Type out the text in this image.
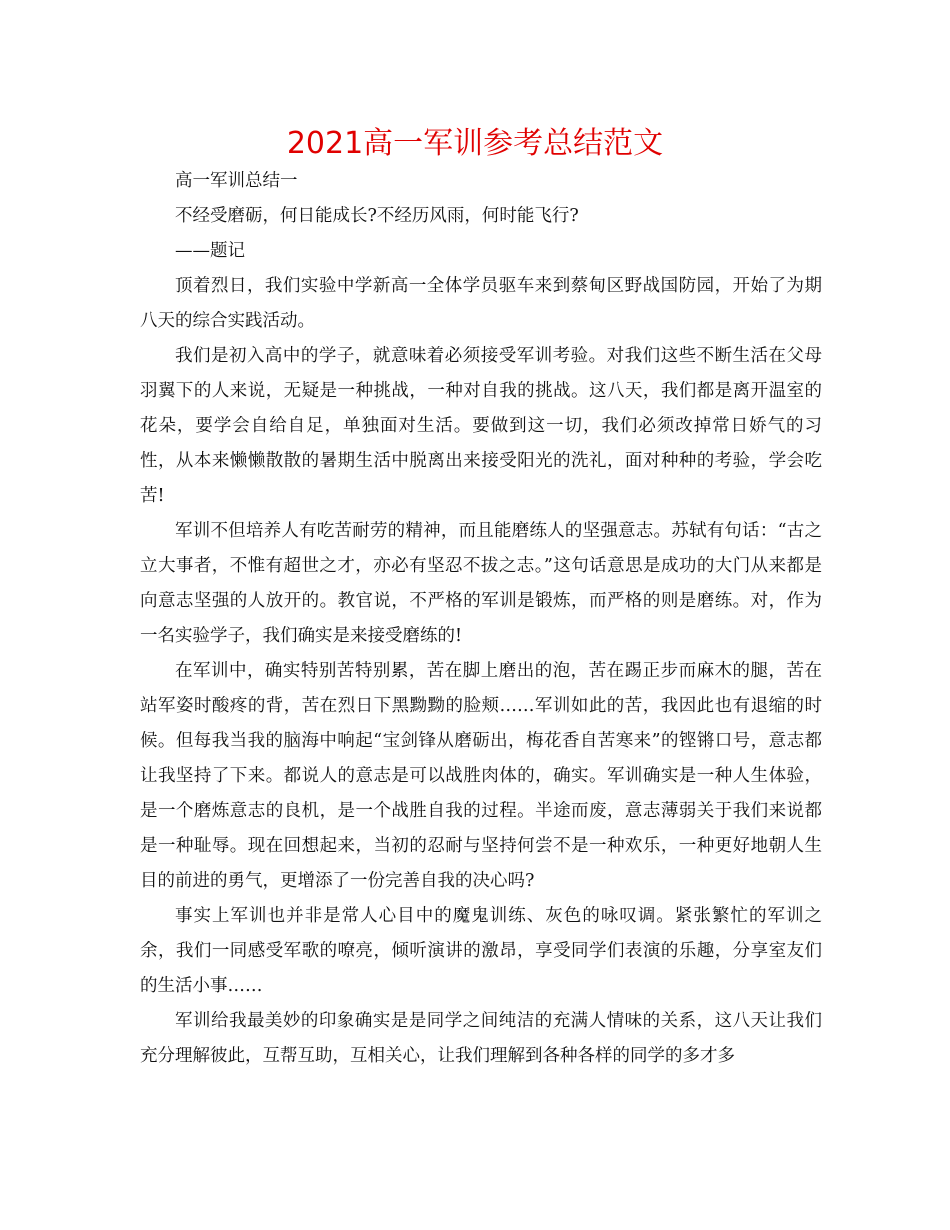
2021高一军训参考总结范文

高一军训总结一

不经受磨砺，何日能成长?不经历风雨，何时能飞行?

——题记

顶着烈日，我们实验中学新高一全体学员驱车来到蔡甸区野战国防园，开始了为期八天的综合实践活动。

我们是初入高中的学子，就意味着必须接受军训考验。对我们这些不断生活在父母羽翼下的人来说，无疑是一种挑战，一种对自我的挑战。这八天，我们都是离开温室的花朵，要学会自给自足，单独面对生活。要做到这一切，我们必须改掉常日娇气的习性，从本来懒懒散散的暑期生活中脱离出来接受阳光的洗礼，面对种种的考验，学会吃苦!

军训不但培养人有吃苦耐劳的精神，而且能磨练人的坚强意志。苏轼有句话：“古之立大事者，不惟有超世之才，亦必有坚忍不拔之志。”这句话意思是成功的大门从来都是向意志坚强的人放开的。教官说，不严格的军训是锻炼，而严格的则是磨练。对，作为一名实验学子，我们确实是来接受磨练的!

在军训中，确实特别苦特别累，苦在脚上磨出的泡，苦在踢正步而麻木的腿，苦在站军姿时酸疼的背，苦在烈日下黑黝黝的脸颊……军训如此的苦，我因此也有退缩的时候。但每我当我的脑海中响起“宝剑锋从磨砺出，梅花香自苦寒来”的铿锵口号，意志都让我坚持了下来。都说人的意志是可以战胜肉体的，确实。军训确实是一种人生体验，是一个磨炼意志的良机，是一个战胜自我的过程。半途而废，意志薄弱关于我们来说都是一种耻辱。现在回想起来，当初的忍耐与坚持何尝不是一种欢乐，一种更好地朝人生目的前进的勇气，更增添了一份完善自我的决心吗?

事实上军训也并非是常人心目中的魔鬼训练、灰色的咏叹调。紧张繁忙的军训之余，我们一同感受军歌的嘹亮，倾听演讲的激昂，享受同学们表演的乐趣，分享室友们的生活小事……

军训给我最美妙的印象确实是是同学之间纯洁的充满人情味的关系，这八天让我们充分理解彼此，互帮互助，互相关心，让我们理解到各种各样的同学的多才多
